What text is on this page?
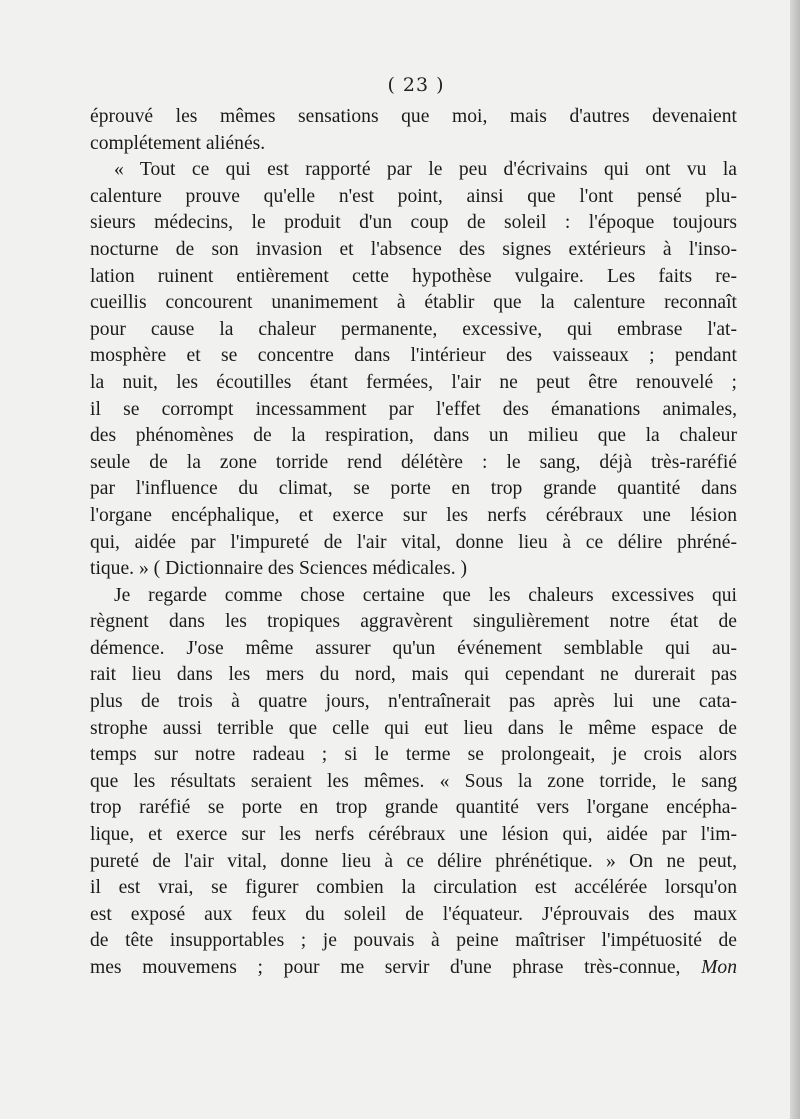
( 23 )
éprouvé les mêmes sensations que moi, mais d'autres devenaient
complétement aliénés.
« Tout ce qui est rapporté par le peu d'écrivains qui ont vu la
calenture prouve qu'elle n'est point, ainsi que l'ont pensé plu-
sieurs médecins, le produit d'un coup de soleil : l'époque toujours
nocturne de son invasion et l'absence des signes extérieurs à l'inso-
lation ruinent entièrement cette hypothèse vulgaire. Les faits re-
cueillis concourent unanimement à établir que la calenture reconnaît
pour cause la chaleur permanente, excessive, qui embrase l'at-
mosphère et se concentre dans l'intérieur des vaisseaux ; pendant
la nuit, les écoutilles étant fermées, l'air ne peut être renouvelé ;
il se corrompt incessamment par l'effet des émanations animales,
des phénomènes de la respiration, dans un milieu que la chaleur
seule de la zone torride rend délétère : le sang, déjà très-raréfié
par l'influence du climat, se porte en trop grande quantité dans
l'organe encéphalique, et exerce sur les nerfs cérébraux une lésion
qui, aidée par l'impureté de l'air vital, donne lieu à ce délire phréné-
tique. » ( Dictionnaire des Sciences médicales. )
Je regarde comme chose certaine que les chaleurs excessives qui
règnent dans les tropiques aggravèrent singulièrement notre état de
démence. J'ose même assurer qu'un événement semblable qui au-
rait lieu dans les mers du nord, mais qui cependant ne durerait pas
plus de trois à quatre jours, n'entraînerait pas après lui une cata-
strophe aussi terrible que celle qui eut lieu dans le même espace de
temps sur notre radeau ; si le terme se prolongeait, je crois alors
que les résultats seraient les mêmes. « Sous la zone torride, le sang
trop raréfié se porte en trop grande quantité vers l'organe encépha-
lique, et exerce sur les nerfs cérébraux une lésion qui, aidée par l'im-
pureté de l'air vital, donne lieu à ce délire phrénétique. » On ne peut,
il est vrai, se figurer combien la circulation est accélérée lorsqu'on
est exposé aux feux du soleil de l'équateur. J'éprouvais des maux
de tête insupportables ; je pouvais à peine maîtriser l'impétuosité de
mes mouvemens ; pour me servir d'une phrase très-connue, Mon
